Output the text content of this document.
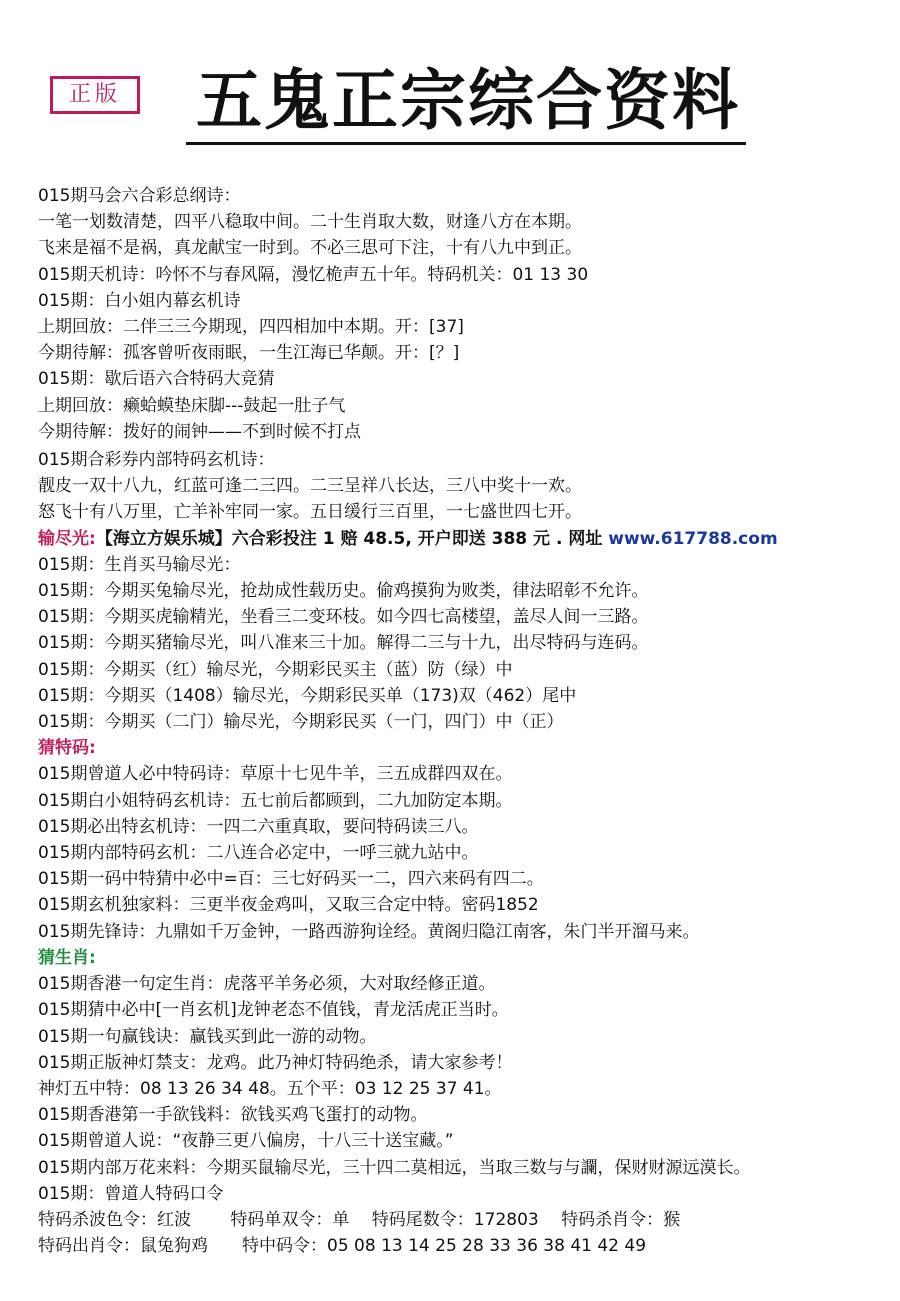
正版 五鬼正宗综合资料
015期马会六合彩总纲诗：
一笔一划数清楚，四平八稳取中间。二十生肖取大数，财逢八方在本期。
飞来是福不是祸，真龙献宝一时到。不必三思可下注，十有八九中到正。
015期天机诗：吟怀不与春风隔，漫忆桅声五十年。特码机关：01 13 30
015期：白小姐内幕玄机诗
上期回放：二伴三三今期现，四四相加中本期。开：[37]
今期待解：孤客曾听夜雨眠，一生江海已华颠。开：[？]
015期：歇后语六合特码大竞猜
上期回放：癞蛤蟆垫床脚---鼓起一肚子气
今期待解：拨好的闹钟——不到时候不打点
015期合彩券内部特码玄机诗：
靓皮一双十八九，红蓝可逢二三四。二三呈祥八长达，三八中奖十一欢。
怒飞十有八万里，亡羊补牢同一家。五日缓行三百里，一七盛世四七开。
输尽光:【海立方娱乐城】六合彩投注 1 赔 48.5, 开户即送 388 元 . 网址 www.617788.com
015期：生肖买马输尽光：
015期：今期买兔输尽光，抢劫成性载历史。偷鸡摸狗为败类，律法昭彰不允许。
015期：今期买虎输精光，坐看三二变环枝。如今四七高楼望，盖尽人间一三路。
015期：今期买猪输尽光，叫八准来三十加。解得二三与十九，出尽特码与连码。
015期：今期买（红）输尽光，今期彩民买主（蓝）防（绿）中
015期：今期买（1408）输尽光，今期彩民买单（173)双（462）尾中
015期：今期买（二门）输尽光，今期彩民买（一门，四门）中（正）
猜特码:
015期曾道人必中特码诗：草原十七见牛羊，三五成群四双在。
015期白小姐特码玄机诗：五七前后都顾到，二九加防定本期。
015期必出特玄机诗：一四二六重真取，要问特码读三八。
015期内部特码玄机：二八连合必定中，一呼三就九站中。
015期一码中特猜中必中=百：三七好码买一二，四六来码有四二。
015期玄机独家料：三更半夜金鸡叫，又取三合定中特。密码1852
015期先锋诗：九鼎如千万金钟，一路西游狗诠经。黄阁归隐江南客，朱门半开溜马来。
猜生肖:
015期香港一句定生肖：虎落平羊务必须，大对取经修正道。
015期猜中必中[一肖玄机]龙钟老态不值钱，青龙活虎正当时。
015期一句赢钱诀：赢钱买到此一游的动物。
015期正版神灯禁支：龙鸡。此乃神灯特码绝杀，请大家参考！
神灯五中特：08 13 26 34 48。五个平：03 12 25 37 41。
015期香港第一手欲钱料：欲钱买鸡飞蛋打的动物。
015期曾道人说：“夜静三更八偏房，十八三十送宝藏。”
015期内部万花来料：今期买鼠输尽光，三十四二莫相远，当取三数与与讕，保财财源远漠长。
015期：曾道人特码口令
特码杀波色令：红波　　 特码单双令：单　 特码尾数令：172803　 特码杀肖令：猴
特码出肖令：鼠兔狗鸡　　特中码令：05 08 13 14 25 28 33 36 38 41 42 49
